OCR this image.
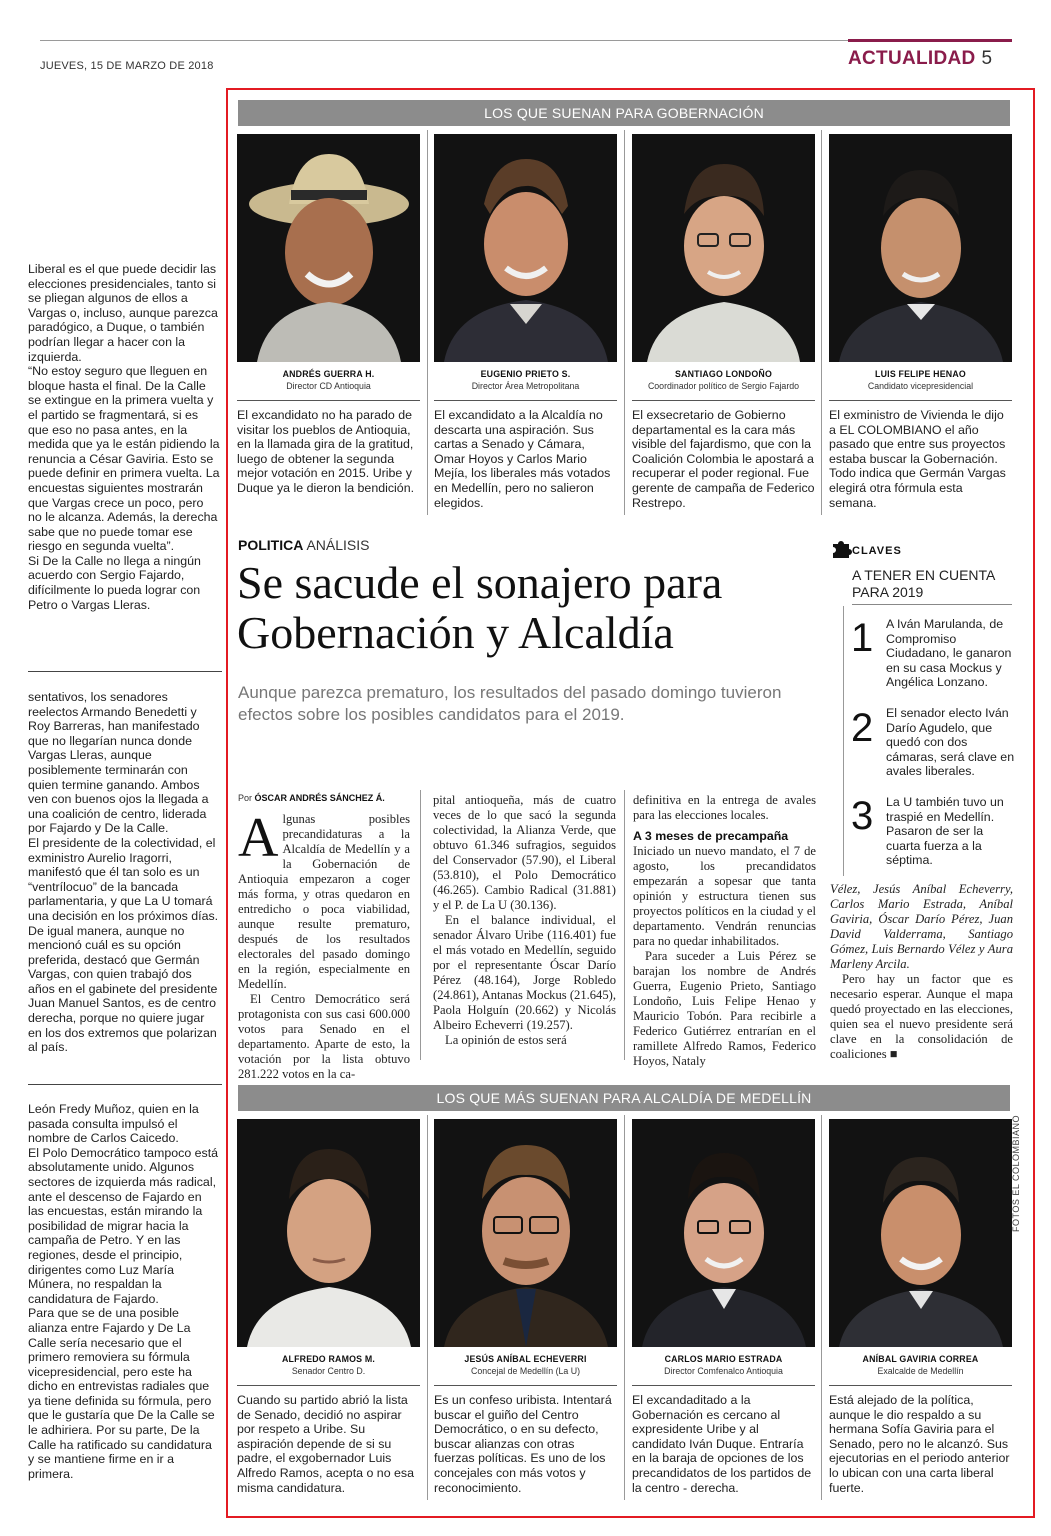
JUEVES, 15 DE MARZO DE 2018	ACTUALIDAD 5

Liberal es el que puede decidir las elecciones presidenciales, tanto si se pliegan algunos de ellos a Vargas o, incluso, aunque parezca paradógico, a Duque, o también podrían llegar a hacer con la izquierda.

“No estoy seguro que lleguen en bloque hasta el final. De la Calle se extingue en la primera vuelta y el partido se fragmentará, si es que eso no pasa antes, en la medida que ya le están pidiendo la renuncia a César Gaviria. Esto se puede definir en primera vuelta. La encuestas siguientes mostrarán que Vargas crece un poco, pero no le alcanza. Además, la derecha sabe que no puede tomar ese riesgo en segunda vuelta”.

Si De la Calle no llega a ningún acuerdo con Sergio Fajardo, difícilmente lo pueda lograr con Petro o Vargas Lleras.

sentativos, los senadores reelectos Armando Benedetti y Roy Barreras, han manifestado que no llegarían nunca donde Vargas Lleras, aunque posiblemente terminarán con quien termine ganando. Ambos ven con buenos ojos la llegada a una coalición de centro, liderada por Fajardo y De la Calle.

El presidente de la colectividad, el exministro Aurelio Iragorri, manifestó que él tan solo es un “ventrílocuo” de la bancada parlamentaria, y que La U tomará una decisión en los próximos días. De igual manera, aunque no mencionó cuál es su opción preferida, destacó que Germán Vargas, con quien trabajó dos años en el gabinete del presidente Juan Manuel Santos, es de centro derecha, porque no quiere jugar en los dos extremos que polarizan al país.

León Fredy Muñoz, quien en la pasada consulta impulsó el nombre de Carlos Caicedo.

El Polo Democrático tampoco está absolutamente unido. Algunos sectores de izquierda más radical, ante el descenso de Fajardo en las encuestas, están mirando la posibilidad de migrar hacia la campaña de Petro. Y en las regiones, desde el principio, dirigentes como Luz María Múnera, no respaldan la candidatura de Fajardo.

Para que se de una posible alianza entre Fajardo y De La Calle sería necesario que el primero removiera su fórmula vicepresidencial, pero este ha dicho en entrevistas radiales que ya tiene definida su fórmula, pero que le gustaría que De la Calle se le adhiriera. Por su parte, De la Calle ha ratificado su candidatura y se mantiene firme en ir a primera.

LOS QUE SUENAN PARA GOBERNACIÓN
ANDRÉS GUERRA H.
Director CD Antioquia
EUGENIO PRIETO S.
Director Área Metropolitana
SANTIAGO LONDOÑO
Coordinador político de Sergio Fajardo
LUIS FELIPE HENAO
Candidato vicepresidencial
El excandidato no ha parado de visitar los pueblos de Antioquia, en la llamada gira de la gratitud, luego de obtener la segunda mejor votación en 2015. Uribe y Duque ya le dieron la bendición.
El excandidato a la Alcaldía no descarta una aspiración. Sus cartas a Senado y Cámara, Omar Hoyos y Carlos Mario Mejía, los liberales más votados en Medellín, pero no salieron elegidos.
El exsecretario de Gobierno departamental es la cara más visible del fajardismo, que con la Coalición Colombia le apostará a recuperar el poder regional. Fue gerente de campaña de Federico Restrepo.
El exministro de Vivienda le dijo a EL COLOMBIANO el año pasado que entre sus proyectos estaba buscar la Gobernación. Todo indica que Germán Vargas elegirá otra fórmula esta semana.
POLITICA ANÁLISIS
Se sacude el sonajero para Gobernación y Alcaldía
Aunque parezca prematuro, los resultados del pasado domingo tuvieron efectos sobre los posibles candidatos para el 2019.
Por ÓSCAR ANDRÉS SÁNCHEZ Á.

Algunas posibles precandidaturas a la Alcaldía de Medellín y a la Gobernación de Antioquia empezaron a coger más forma, y otras quedaron en entredicho o poca viabilidad, aunque resulte prematuro, después de los resultados electorales del pasado domingo en la región, especialmente en Medellín.

El Centro Democrático será protagonista con sus casi 600.000 votos para Senado en el departamento. Aparte de esto, la votación por la lista obtuvo 281.222 votos en la ca-

pital antioqueña, más de cuatro veces de lo que sacó la segunda colectividad, la Alianza Verde, que obtuvo 61.346 sufragios, seguidos del Conservador (57.90), el Liberal (53.810), el Polo Democrático (46.265). Cambio Radical (31.881) y el P. de La U (30.136).

En el balance individual, el senador Álvaro Uribe (116.401) fue el más votado en Medellín, seguido por el representante Óscar Darío Pérez (48.164), Jorge Robledo (24.861), Antanas Mockus (21.645), Paola Holguín (20.662) y Nicolás Albeiro Echeverri (19.257).

La opinión de estos será

definitiva en la entrega de avales para las elecciones locales.

A 3 meses de precampaña

Iniciado un nuevo mandato, el 7 de agosto, los precandidatos empezarán a sopesar que tanta opinión y estructura tienen sus proyectos políticos en la ciudad y el departamento. Vendrán renuncias para no quedar inhabilitados.

Para suceder a Luis Pérez se barajan los nombre de Andrés Guerra, Eugenio Prieto, Santiago Londoño, Luis Felipe Henao y Mauricio Tobón. Para recibirle a Federico Gutiérrez entrarían en el ramillete Alfredo Ramos, Federico Hoyos, Nataly

Vélez, Jesús Aníbal Echeverry, Carlos Mario Estrada, Aníbal Gaviria, Óscar Darío Pérez, Juan David Valderrama, Santiago Gómez, Luis Bernardo Vélez y Aura Marleny Arcila.

Pero hay un factor que es necesario esperar. Aunque el mapa quedó proyectado en las elecciones, quien sea el nuevo presidente será clave en la consolidación de coaliciones ■

CLAVES
A TENER EN CUENTA PARA 2019
1 A Iván Marulanda, de Compromiso Ciudadano, le ganaron en su casa Mockus y Angélica Lonzano.
2 El senador electo Iván Darío Agudelo, que quedó con dos cámaras, será clave en avales liberales.
3 La U también tuvo un traspié en Medellín. Pasaron de ser la cuarta fuerza a la séptima.
LOS QUE MÁS SUENAN PARA ALCALDÍA DE MEDELLÍN
ALFREDO RAMOS M.
Senador Centro D.
JESÚS ANÍBAL ECHEVERRI
Concejal de Medellín (La U)
CARLOS MARIO ESTRADA
Director Comfenalco Antioquia
ANÍBAL GAVIRIA CORREA
Exalcalde de Medellín
Cuando su partido abrió la lista de Senado, decidió no aspirar por respeto a Uribe. Su aspiración depende de si su padre, el exgobernador Luis Alfredo Ramos, acepta o no esa misma candidatura.
Es un confeso uribista. Intentará buscar el guiño del Centro Democrático, o en su defecto, buscar alianzas con otras fuerzas políticas. Es uno de los concejales con más votos y reconocimiento.
El excandaditado a la Gobernación es cercano al expresidente Uribe y al candidato Iván Duque. Entraría en la baraja de opciones de los precandidatos de los partidos de la centro - derecha.
Está alejado de la política, aunque le dio respaldo a su hermana Sofía Gaviria para el Senado, pero no le alcanzó. Sus ejecutorias en el periodo anterior lo ubican con una carta liberal fuerte.
FOTOS EL COLOMBIANO
